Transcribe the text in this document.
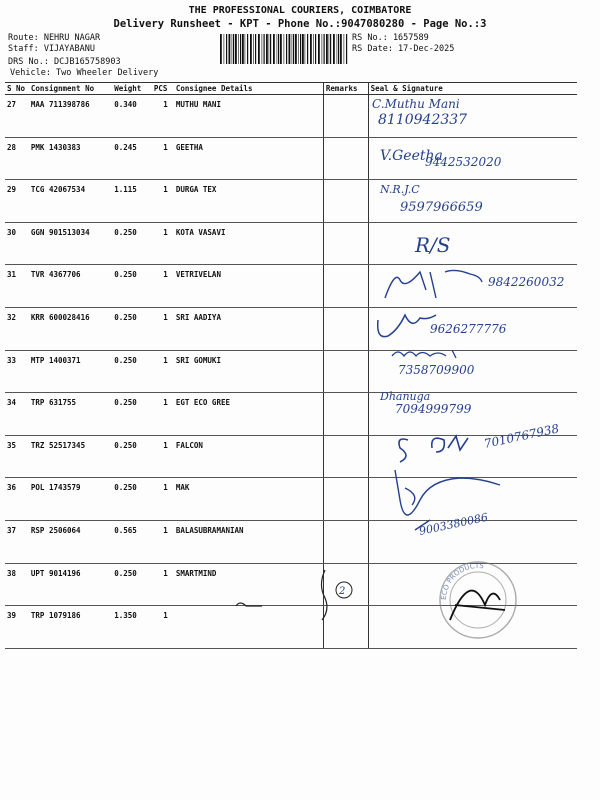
THE PROFESSIONAL COURIERS, COIMBATORE
Delivery Runsheet - KPT - Phone No.:9047080280 - Page No.:3
Route: NEHRU NAGAR
Staff: VIJAYABANU
DRS No.: DCJB165758903
Vehicle: Two Wheeler Delivery
RS No.: 1657589
RS Date: 17-Dec-2025
S No	Consignment No	Weight	PCS	Consignee Details	Remarks	Seal & Signature
27	MAA 711398786	0.340	1	MUTHU MANI		
28	PMK 1430383	0.245	1	GEETHA		
29	TCG 42067534	1.115	1	DURGA TEX		
30	GGN 901513034	0.250	1	KOTA VASAVI		
31	TVR 4367706	0.250	1	VETRIVELAN		
32	KRR 600028416	0.250	1	SRI AADIYA		
33	MTP 1400371	0.250	1	SRI GOMUKI		
34	TRP 631755	0.250	1	EGT ECO GREE		
35	TRZ 52517345	0.250	1	FALCON		
36	POL 1743579	0.250	1	MAK		
37	RSP 2506064	0.565	1	BALASUBRAMANIAN		
38	UPT 9014196	0.250	1	SMARTMIND		
39	TRP 1079186	1.350	1			
C.Muthu Mani
8110942337
V.Geetha
9442532020
N.R.J.C
9597966659
R/S
9842260032
9626277776
7358709900
Dhanuga
7094999799
7010767938
9003380086
2
ECO PRODUCTS
